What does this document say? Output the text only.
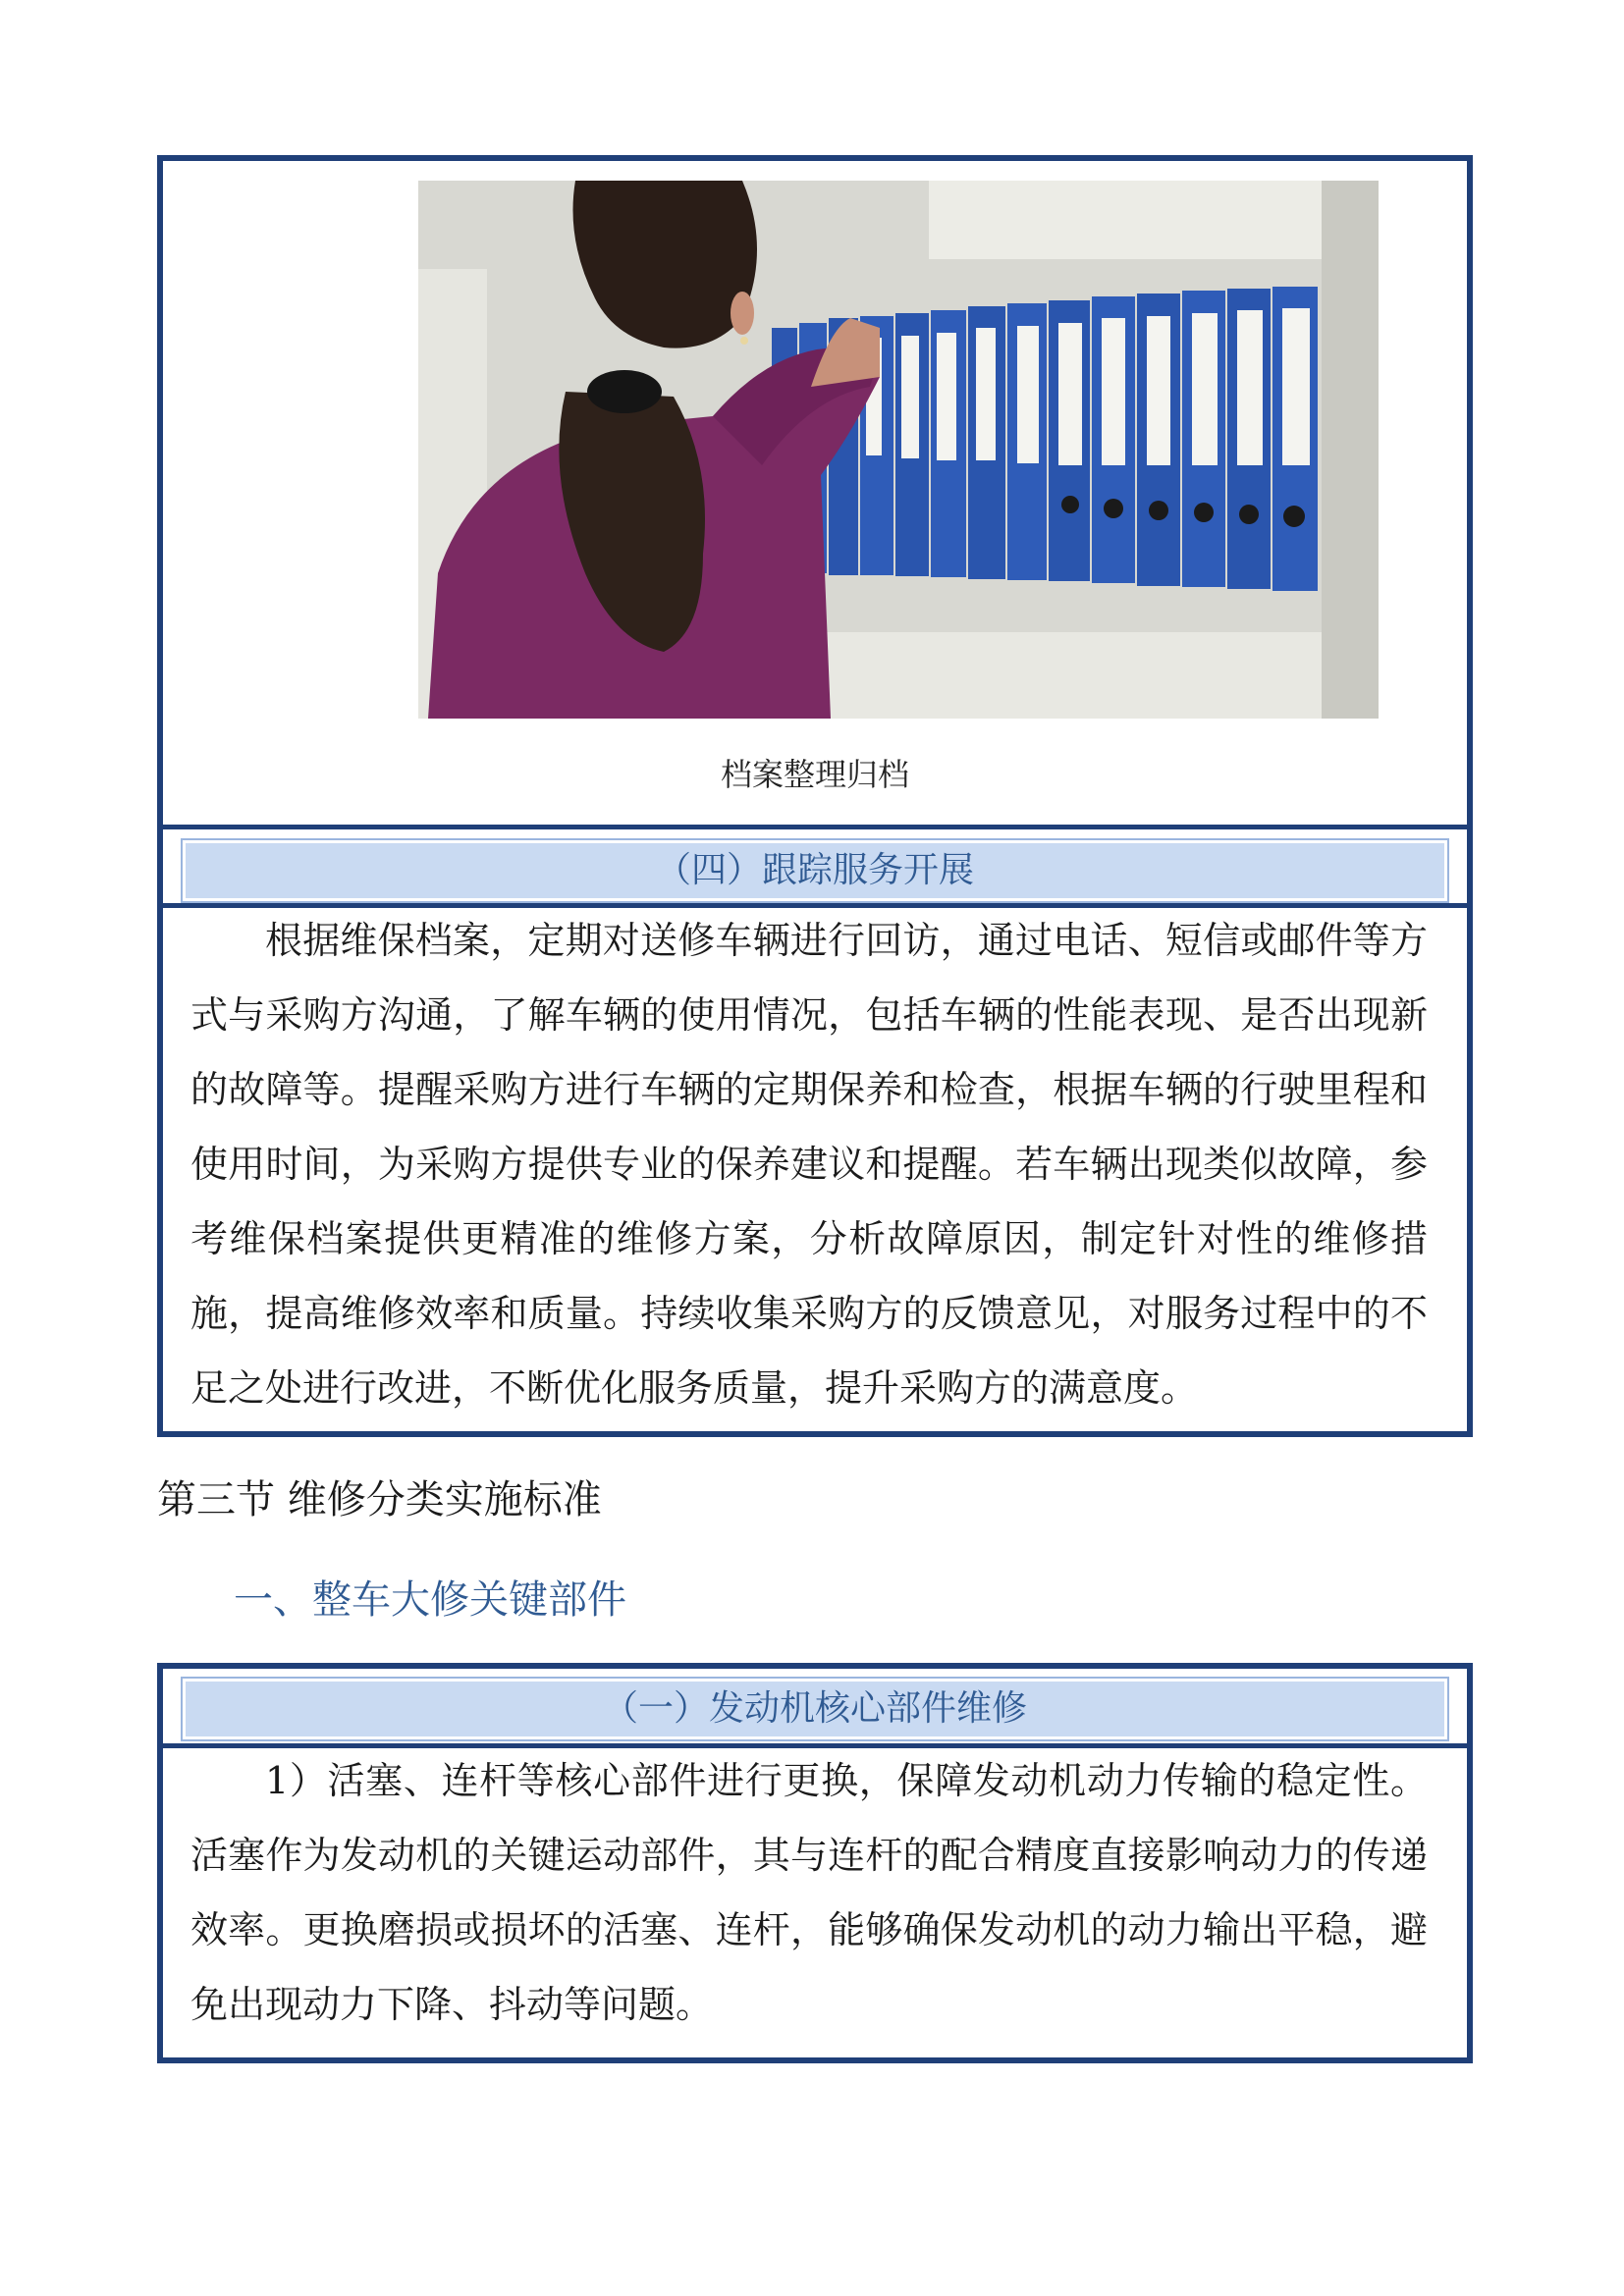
档案整理归档
（四）跟踪服务开展
根据维保档案，定期对送修车辆进行回访，通过电话、短信或邮件等方式与采购方沟通，了解车辆的使用情况，包括车辆的性能表现、是否出现新的故障等。提醒采购方进行车辆的定期保养和检查，根据车辆的行驶里程和使用时间，为采购方提供专业的保养建议和提醒。若车辆出现类似故障，参考维保档案提供更精准的维修方案，分析故障原因，制定针对性的维修措施，提高维修效率和质量。持续收集采购方的反馈意见，对服务过程中的不足之处进行改进，不断优化服务质量，提升采购方的满意度。
第三节 维修分类实施标准
一、整车大修关键部件
（一）发动机核心部件维修
1）活塞、连杆等核心部件进行更换，保障发动机动力传输的稳定性。活塞作为发动机的关键运动部件，其与连杆的配合精度直接影响动力的传递效率。更换磨损或损坏的活塞、连杆，能够确保发动机的动力输出平稳，避免出现动力下降、抖动等问题。
